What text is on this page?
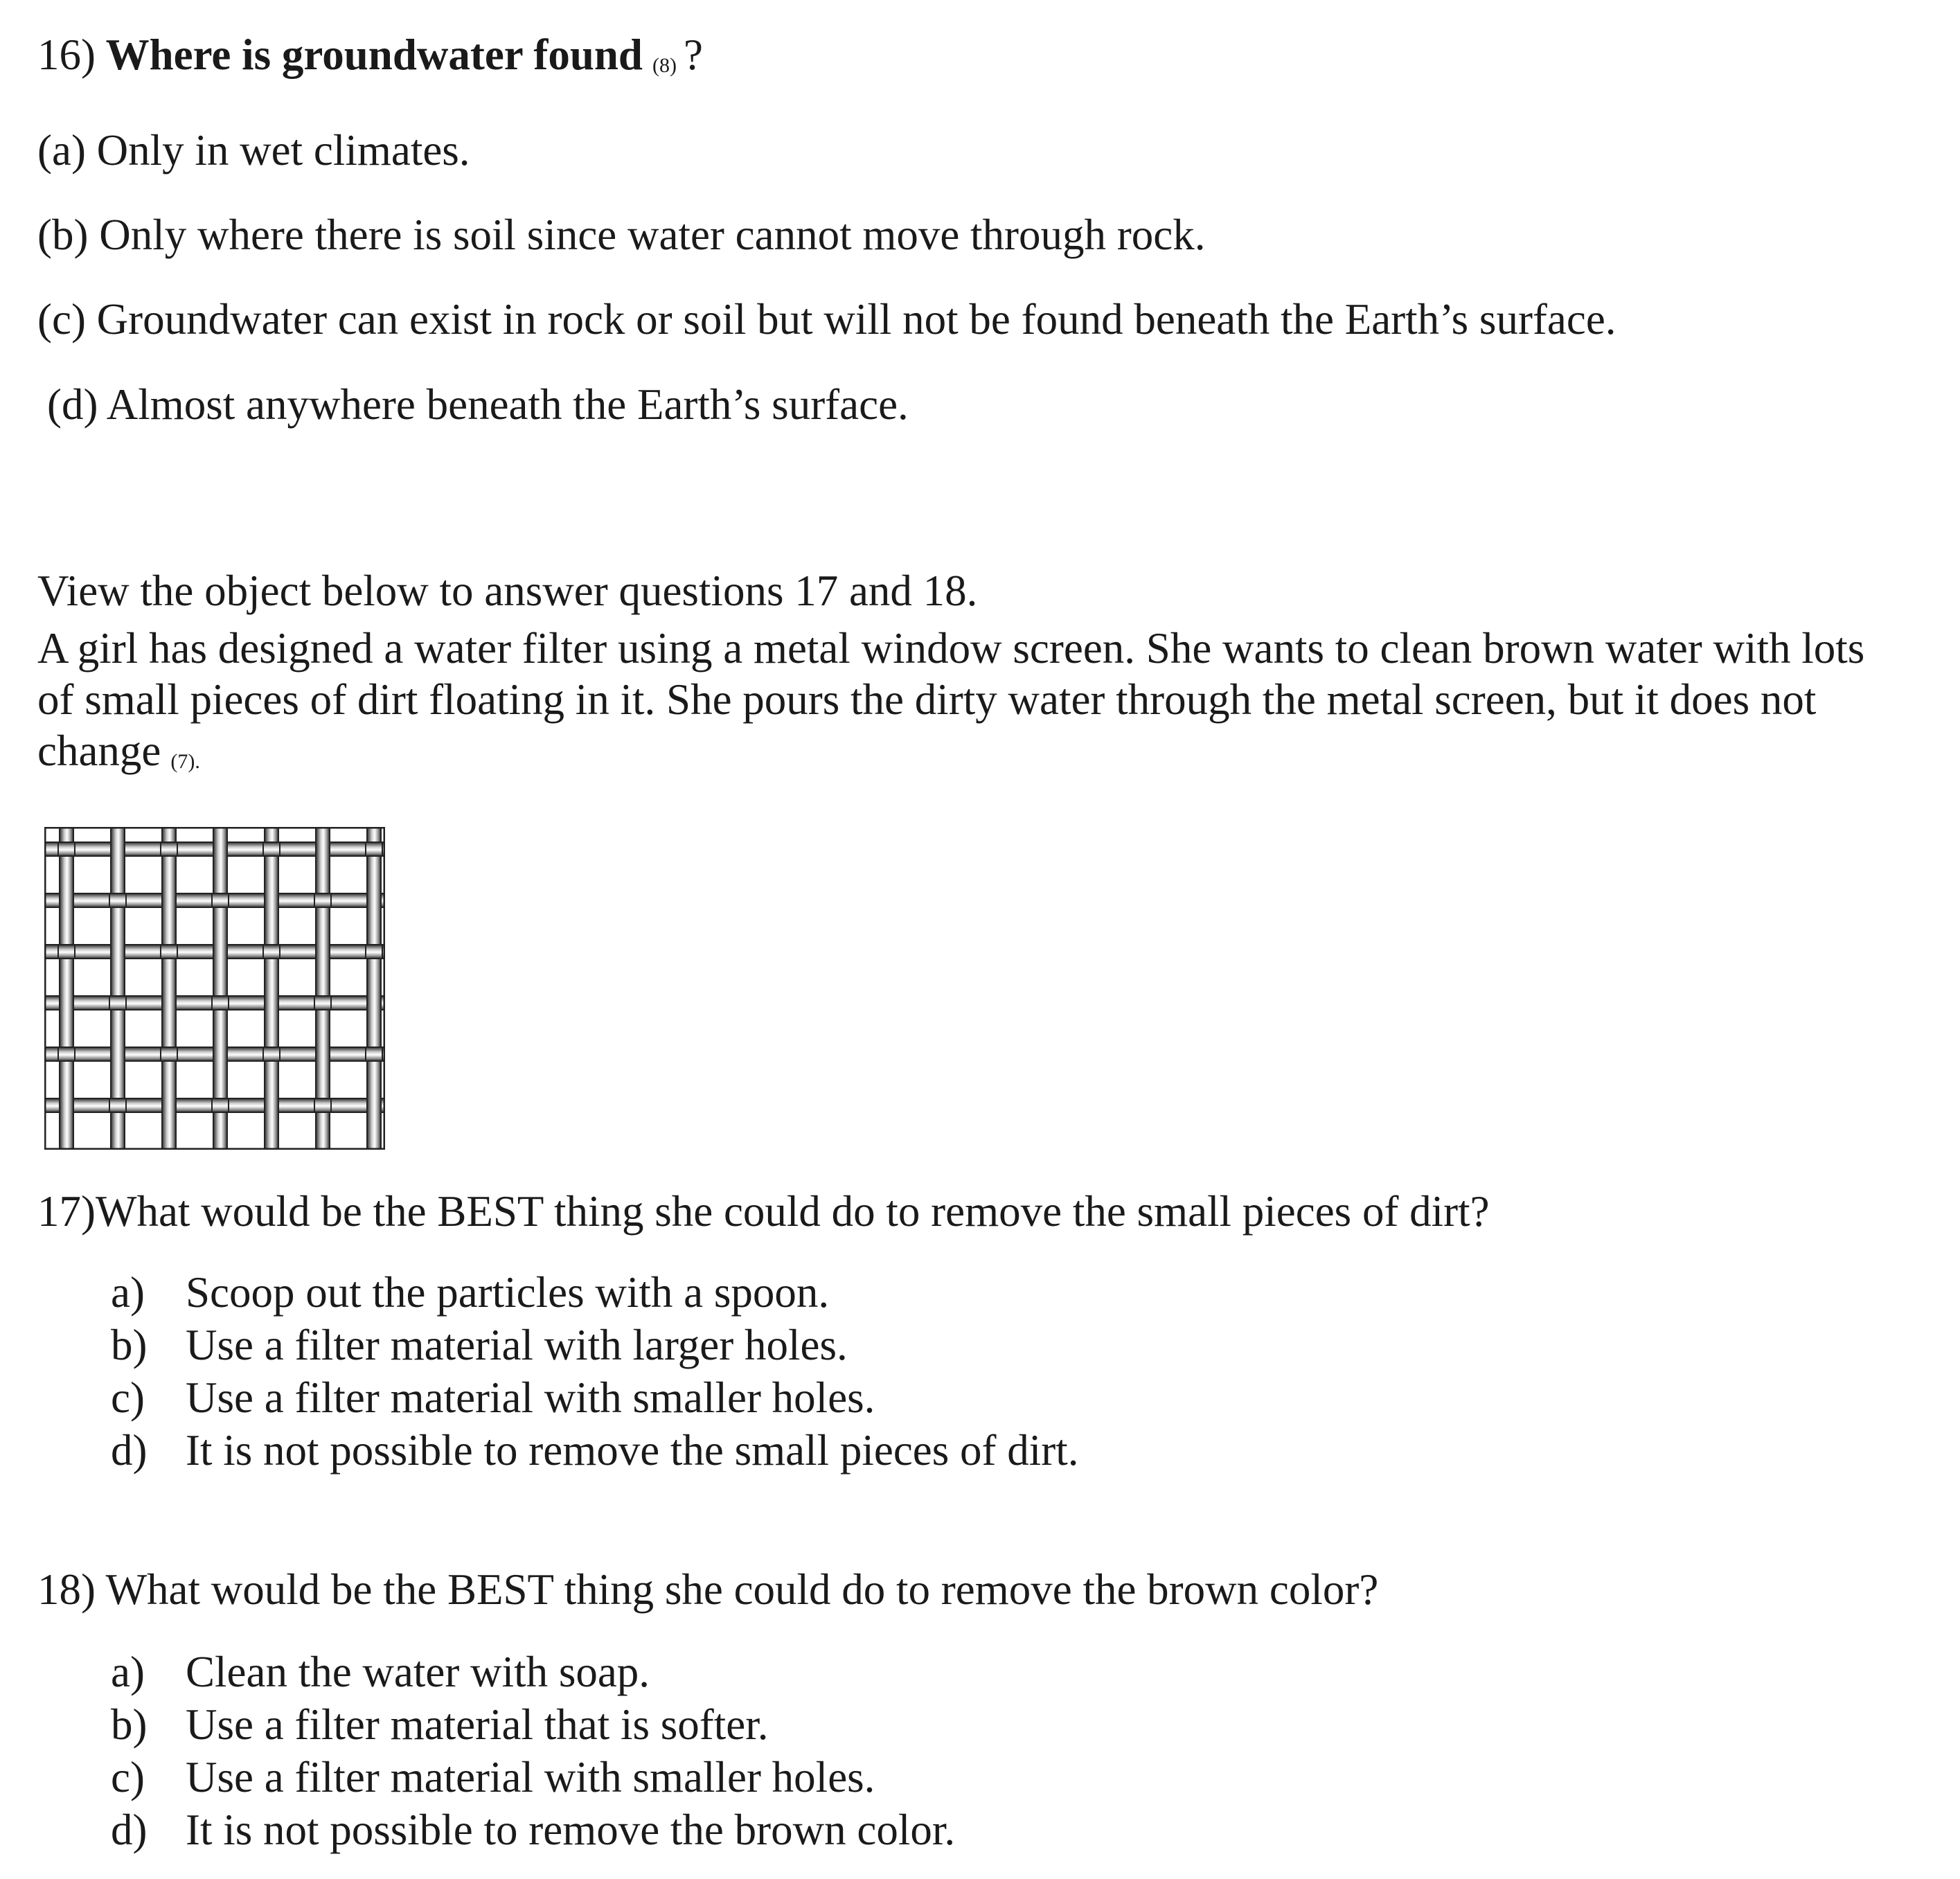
16) Where is groundwater found (8) ?
(a) Only in wet climates.
(b) Only where there is soil since water cannot move through rock.
(c) Groundwater can exist in rock or soil but will not be found beneath the Earth’s surface.
(d) Almost anywhere beneath the Earth’s surface.
View the object below to answer questions 17 and 18.
A girl has designed a water filter using a metal window screen. She wants to clean brown water with lots
of small pieces of dirt floating in it. She pours the dirty water through the metal screen, but it does not
change (7).
17)What would be the BEST thing she could do to remove the small pieces of dirt?
a) Scoop out the particles with a spoon.
b) Use a filter material with larger holes.
c) Use a filter material with smaller holes.
d) It is not possible to remove the small pieces of dirt.
18) What would be the BEST thing she could do to remove the brown color?
a) Clean the water with soap.
b) Use a filter material that is softer.
c) Use a filter material with smaller holes.
d) It is not possible to remove the brown color.
